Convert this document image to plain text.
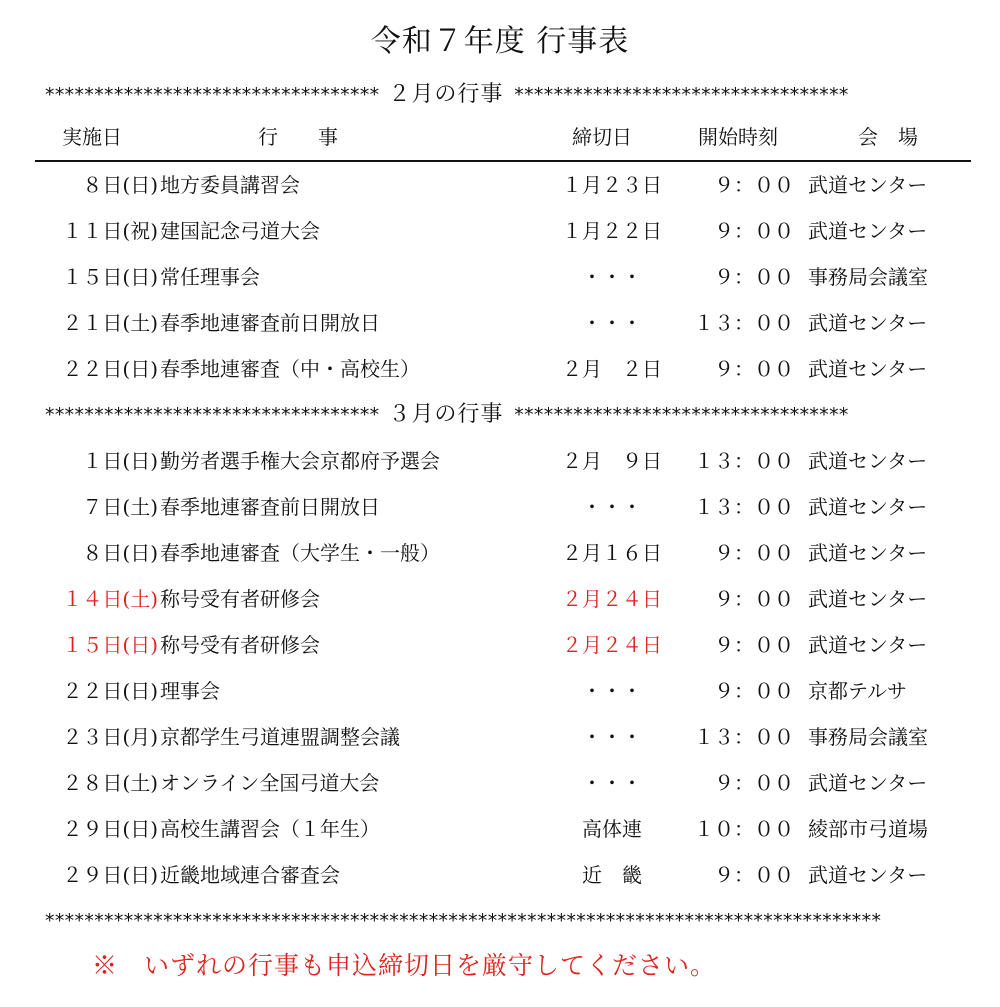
令和７年度 行事表
********************************** ２月の行事 **********************************
実施日	行　　事	締切日	開始時刻	会　場
８日(日) 地方委員講習会	１月２３日	９：００ 武道センター
１１日(祝) 建国記念弓道大会	１月２２日	９：００ 武道センター
１５日(日) 常任理事会	・・・	９：００ 事務局会議室
２１日(土) 春季地連審査前日開放日	・・・	１３：００ 武道センター
２２日(日) 春季地連審査（中・高校生）	２月　２日	９：００ 武道センター
********************************** ３月の行事 **********************************
１日(日) 勤労者選手権大会京都府予選会	２月　９日	１３：００ 武道センター
７日(土) 春季地連審査前日開放日	・・・	１３：００ 武道センター
８日(日) 春季地連審査（大学生・一般）	２月１６日	９：００ 武道センター
１４日(土) 称号受有者研修会	２月２４日	９：００ 武道センター
１５日(日) 称号受有者研修会	２月２４日	９：００ 武道センター
２２日(日) 理事会	・・・	９：００ 京都テルサ
２３日(月) 京都学生弓道連盟調整会議	・・・	１３：００ 事務局会議室
２８日(土) オンライン全国弓道大会	・・・	９：００ 武道センター
２９日(日) 高校生講習会（１年生）	高体連	１０：００ 綾部市弓道場
２９日(日) 近畿地域連合審査会	近　畿	９：００ 武道センター
*************************************************************************************
※　いずれの行事も申込締切日を厳守してください。
